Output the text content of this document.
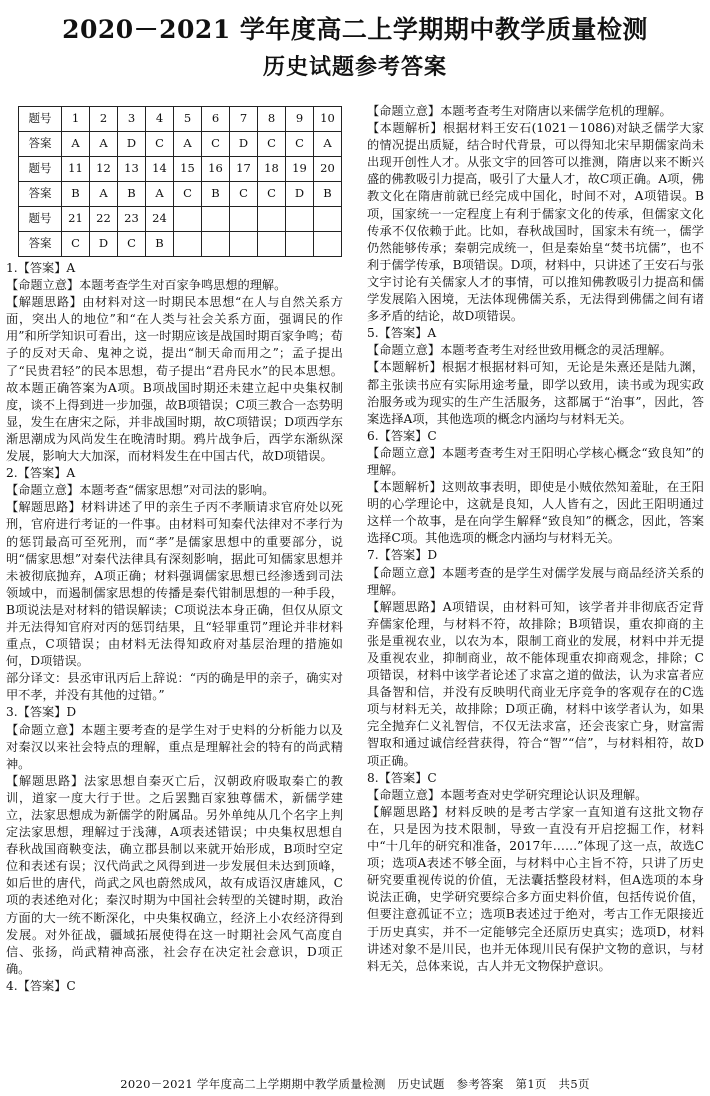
2020－2021 学年度高二上学期期中教学质量检测
历史试题参考答案
题号	1	2	3	4	5	6	7	8	9	10
答案	A	A	D	C	A	C	D	C	C	A
题号	11	12	13	14	15	16	17	18	19	20
答案	B	A	B	A	C	B	C	C	D	B
题号	21	22	23	24						
答案	C	D	C	B						

1.【答案】A

【命题立意】本题考查学生对百家争鸣思想的理解。

【解题思路】由材料对这一时期民本思想“在人与自然关系方面，突出人的地位”和“在人类与社会关系方面，强调民的作用”和所学知识可看出，这一时期应该是战国时期百家争鸣；荀子的反对天命、鬼神之说，提出“制天命而用之”；孟子提出了“民贵君轻”的民本思想，荀子提出“君舟民水”的民本思想。故本题正确答案为A项。B项战国时期还未建立起中央集权制度，谈不上得到进一步加强，故B项错误；C项三教合一态势明显，发生在唐宋之际，并非战国时期，故C项错误；D项西学东渐思潮成为风尚发生在晚清时期。鸦片战争后，西学东渐纵深发展，影响大大加深，而材料发生在中国古代，故D项错误。

2.【答案】A

【命题立意】本题考查“儒家思想”对司法的影响。

【解题思路】材料讲述了甲的亲生子丙不孝顺请求官府处以死刑，官府进行考证的一件事。由材料可知秦代法律对不孝行为的惩罚最高可至死刑，而“孝”是儒家思想中的重要部分，说明“儒家思想”对秦代法律具有深刻影响，据此可知儒家思想并未被彻底抛弃，A项正确；材料强调儒家思想已经渗透到司法领域中，而遏制儒家思想的传播是秦代钳制思想的一种手段，B项说法是对材料的错误解读；C项说法本身正确，但仅从原文并无法得知官府对丙的惩罚结果，且“轻罪重罚”理论并非材料重点，C项错误；由材料无法得知政府对基层治理的措施如何，D项错误。

部分译文：县丞审讯丙后上辞说：“丙的确是甲的亲子，确实对甲不孝，并没有其他的过错。”

3.【答案】D

【命题立意】本题主要考查的是学生对于史料的分析能力以及对秦汉以来社会特点的理解，重点是理解社会的特有的尚武精神。

【解题思路】法家思想自秦灭亡后，汉朝政府吸取秦亡的教训，道家一度大行于世。之后罢黜百家独尊儒术，新儒学建立，法家思想成为新儒学的附属品。另外单纯从几个名字上判定法家思想，理解过于浅薄，A项表述错误；中央集权思想自春秋战国商鞅变法，确立郡县制以来就开始形成，B项时空定位和表述有误；汉代尚武之风得到进一步发展但未达到顶峰，如后世的唐代，尚武之风也蔚然成风，故有成语汉唐雄风，C项的表述绝对化；秦汉时期为中国社会转型的关键时期，政治方面的大一统不断深化，中央集权确立，经济上小农经济得到发展。对外征战，疆域拓展使得在这一时期社会风气高度自信、张扬，尚武精神高涨，社会存在决定社会意识，D项正确。

4.【答案】C

【命题立意】本题考查考生对隋唐以来儒学危机的理解。

【本题解析】根据材料王安石(1021－1086)对缺乏儒学大家的情况提出质疑，结合时代背景，可以得知北宋早期儒家尚未出现开创性人才。从张文宇的回答可以推测，隋唐以来不断兴盛的佛教吸引力提高，吸引了大量人才，故C项正确。A项，佛教文化在隋唐前就已经完成中国化，时间不对，A项错误。B项，国家统一一定程度上有利于儒家文化的传承，但儒家文化传承不仅依赖于此。比如，春秋战国时，国家未有统一，儒学仍然能够传承；秦朝完成统一，但是秦始皇“焚书坑儒”，也不利于儒学传承，B项错误。D项，材料中，只讲述了王安石与张文宇讨论有关儒家人才的事情，可以推知佛教吸引力提高和儒学发展陷入困境，无法体现佛儒关系，无法得到佛儒之间有诸多矛盾的结论，故D项错误。

5.【答案】A

【命题立意】本题考查考生对经世致用概念的灵活理解。

【本题解析】根据才根据材料可知，无论是朱熹还是陆九渊，都主张读书应有实际用途考量，即学以致用，读书或为现实政治服务或为现实的生产生活服务，这都属于“治事”，因此，答案选择A项，其他选项的概念内涵均与材料无关。

6.【答案】C

【命题立意】本题考查考生对王阳明心学核心概念“致良知”的理解。

【本题解析】这则故事表明，即使是小贼依然知羞耻，在王阳明的心学理论中，这就是良知，人人皆有之，因此王阳明通过这样一个故事，是在向学生解释“致良知”的概念，因此，答案选择C项。其他选项的概念内涵均与材料无关。

7.【答案】D

【命题立意】本题考查的是学生对儒学发展与商品经济关系的理解。

【解题思路】A项错误，由材料可知，该学者并非彻底否定背弃儒家伦理，与材料不符，故排除；B项错误，重农抑商的主张是重视农业，以农为本，限制工商业的发展，材料中并无提及重视农业，抑制商业，故不能体现重农抑商观念，排除；C项错误，材料中该学者论述了求富之道的做法，认为求富者应具备智和信，并没有反映明代商业无序竞争的客观存在的C选项与材料无关，故排除；D项正确，材料中该学者认为，如果完全抛弃仁义礼智信，不仅无法求富，还会丧家亡身，财富需智取和通过诚信经营获得，符合“智”“信”，与材料相符，故D项正确。

8.【答案】C

【命题立意】本题考查对史学研究理论认识及理解。

【解题思路】材料反映的是考古学家一直知道有这批文物存在，只是因为技术限制，导致一直没有开启挖掘工作，材料中“十几年的研究和准备，2017年……”体现了这一点，故选C项；选项A表述不够全面，与材料中心主旨不符，只讲了历史研究要重视传说的价值，无法囊括整段材料，但A选项的本身说法正确，史学研究要综合多方面史料价值，包括传说价值，但要注意孤证不立；选项B表述过于绝对，考古工作无限接近于历史真实，并不一定能够完全还原历史真实；选项D，材料讲述对象不是川民，也并无体现川民有保护文物的意识，与材料无关，总体来说，古人并无文物保护意识。

2020－2021 学年度高二上学期期中教学质量检测　历史试题　参考答案　第1页　共5页
